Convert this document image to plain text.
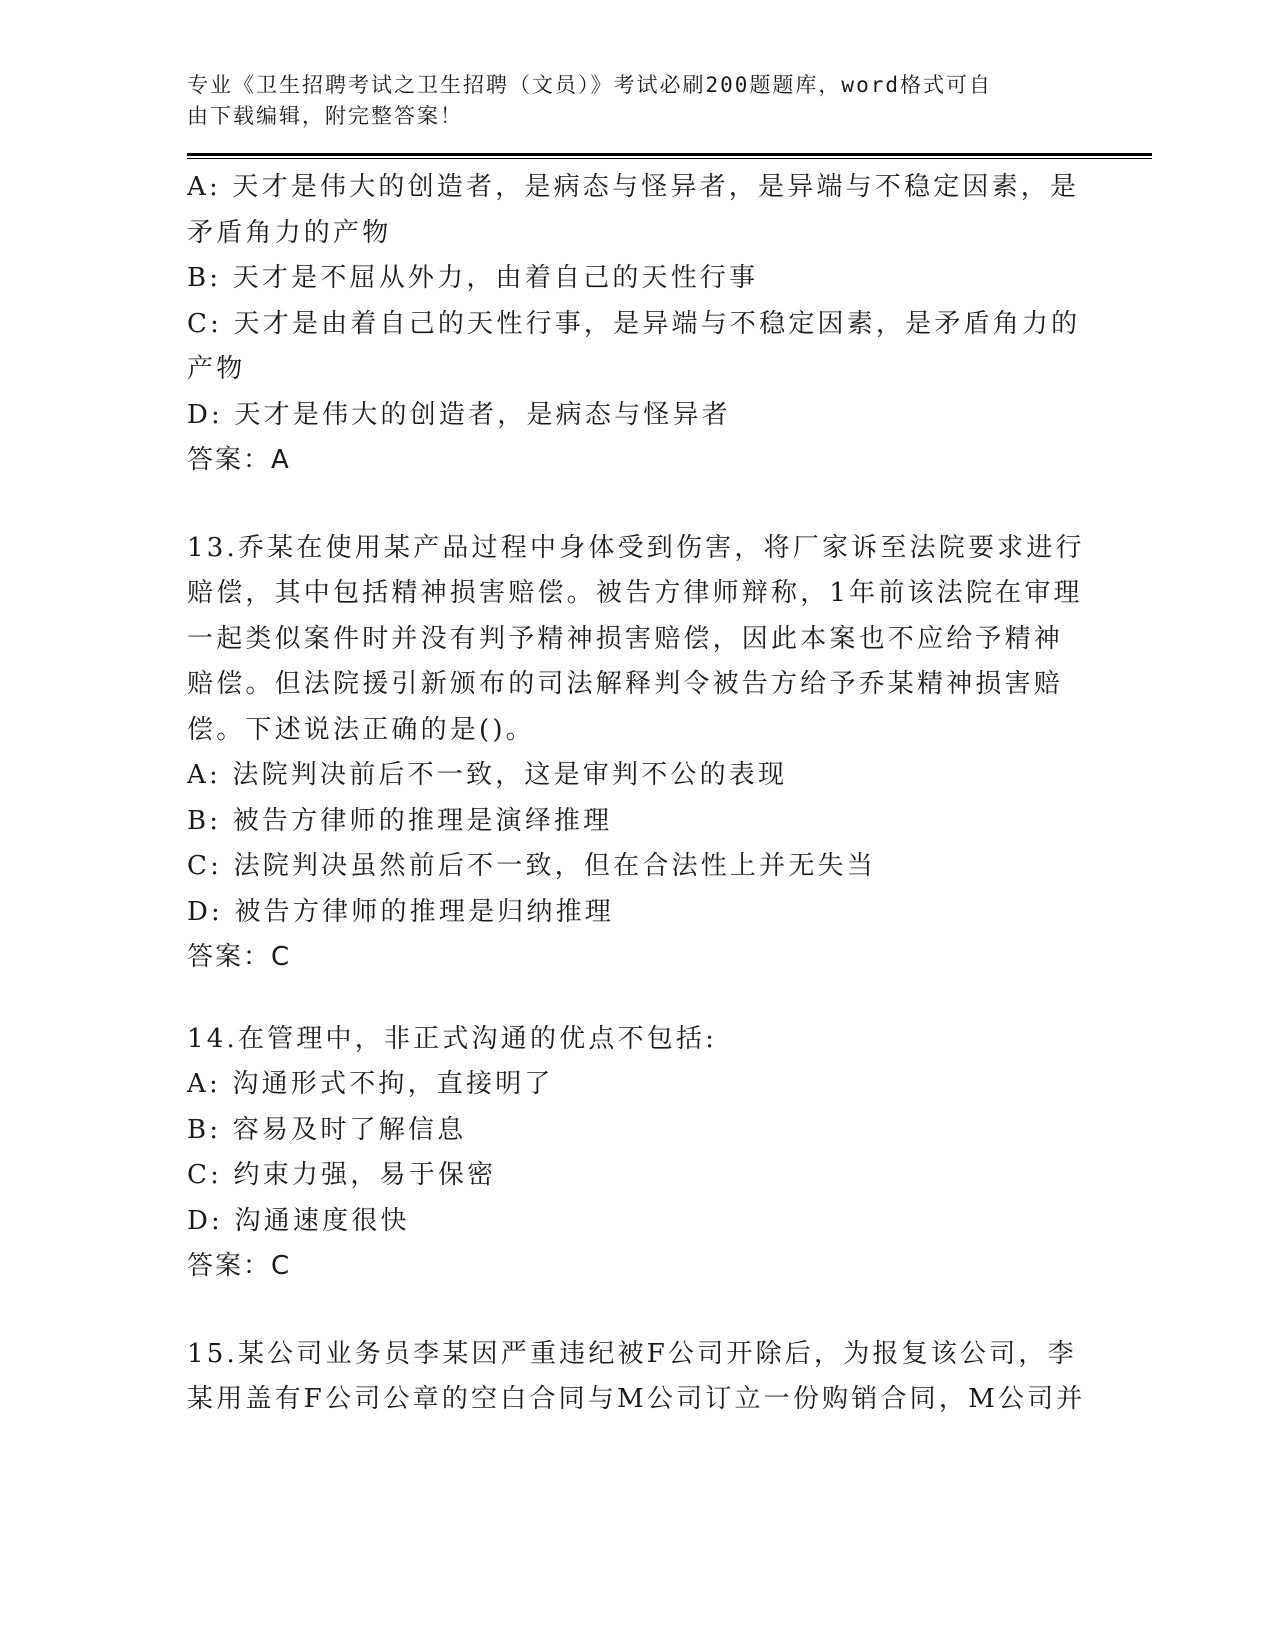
专业《卫生招聘考试之卫生招聘（文员）》考试必刷200题题库，word格式可自
由下载编辑，附完整答案！
A: 天才是伟大的创造者，是病态与怪异者，是异端与不稳定因素，是
矛盾角力的产物
B: 天才是不屈从外力，由着自己的天性行事
C: 天才是由着自己的天性行事，是异端与不稳定因素，是矛盾角力的
产物
D: 天才是伟大的创造者，是病态与怪异者
答案：A
13.乔某在使用某产品过程中身体受到伤害，将厂家诉至法院要求进行
赔偿，其中包括精神损害赔偿。被告方律师辩称，1年前该法院在审理
一起类似案件时并没有判予精神损害赔偿，因此本案也不应给予精神
赔偿。但法院援引新颁布的司法解释判令被告方给予乔某精神损害赔
偿。下述说法正确的是()。
A: 法院判决前后不一致，这是审判不公的表现
B: 被告方律师的推理是演绎推理
C: 法院判决虽然前后不一致，但在合法性上并无失当
D: 被告方律师的推理是归纳推理
答案：C
14.在管理中，非正式沟通的优点不包括:
A: 沟通形式不拘，直接明了
B: 容易及时了解信息
C: 约束力强，易于保密
D: 沟通速度很快
答案：C
15.某公司业务员李某因严重违纪被F公司开除后，为报复该公司，李
某用盖有F公司公章的空白合同与M公司订立一份购销合同，M公司并
